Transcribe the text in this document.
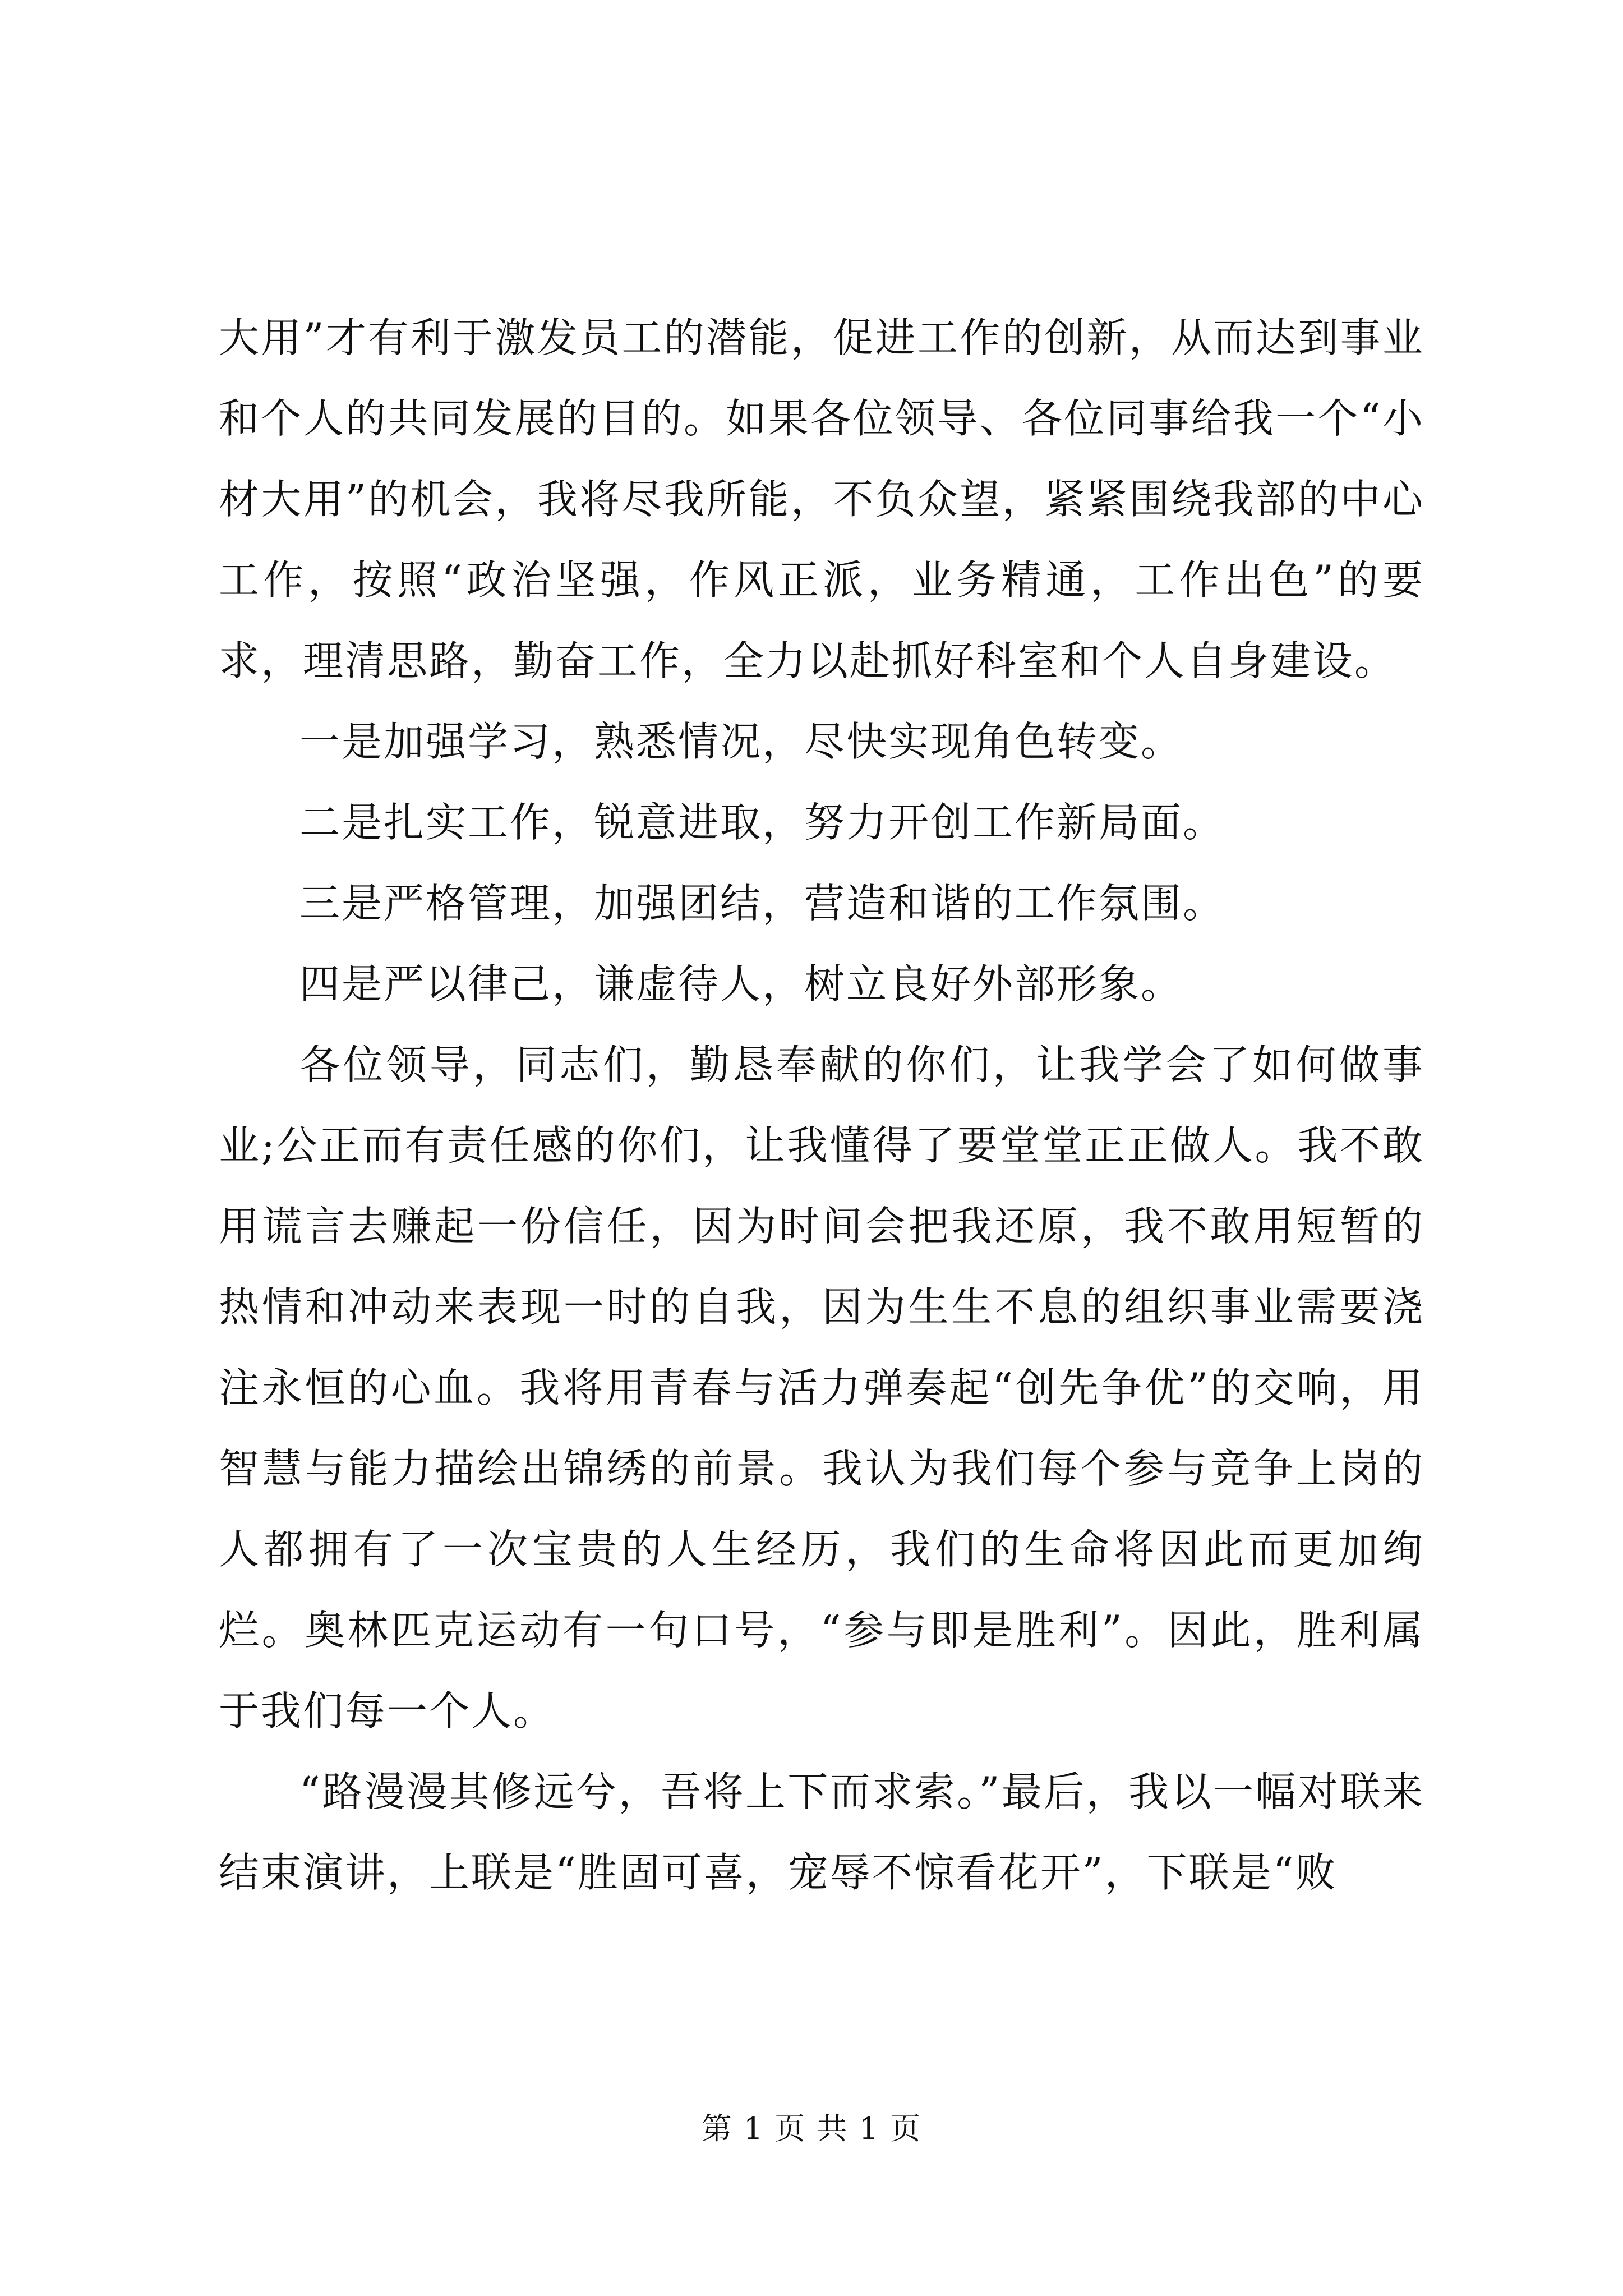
大用”才有利于激发员工的潜能，促进工作的创新，从而达到事业和个人的共同发展的目的。如果各位领导、各位同事给我一个“小材大用”的机会，我将尽我所能，不负众望，紧紧围绕我部的中心工作，按照“政治坚强，作风正派，业务精通，工作出色”的要求，理清思路，勤奋工作，全力以赴抓好科室和个人自身建设。

一是加强学习，熟悉情况，尽快实现角色转变。

二是扎实工作，锐意进取，努力开创工作新局面。

三是严格管理，加强团结，营造和谐的工作氛围。

四是严以律己，谦虚待人，树立良好外部形象。

各位领导，同志们，勤恳奉献的你们，让我学会了如何做事业;公正而有责任感的你们，让我懂得了要堂堂正正做人。我不敢用谎言去赚起一份信任，因为时间会把我还原，我不敢用短暂的热情和冲动来表现一时的自我，因为生生不息的组织事业需要浇注永恒的心血。我将用青春与活力弹奏起“创先争优”的交响，用智慧与能力描绘出锦绣的前景。我认为我们每个参与竞争上岗的人都拥有了一次宝贵的人生经历，我们的生命将因此而更加绚烂。奥林匹克运动有一句口号，“参与即是胜利”。因此，胜利属于我们每一个人。

“路漫漫其修远兮，吾将上下而求索。”最后，我以一幅对联来结束演讲，上联是“胜固可喜，宠辱不惊看花开”，下联是“败

第 1 页 共 1 页
